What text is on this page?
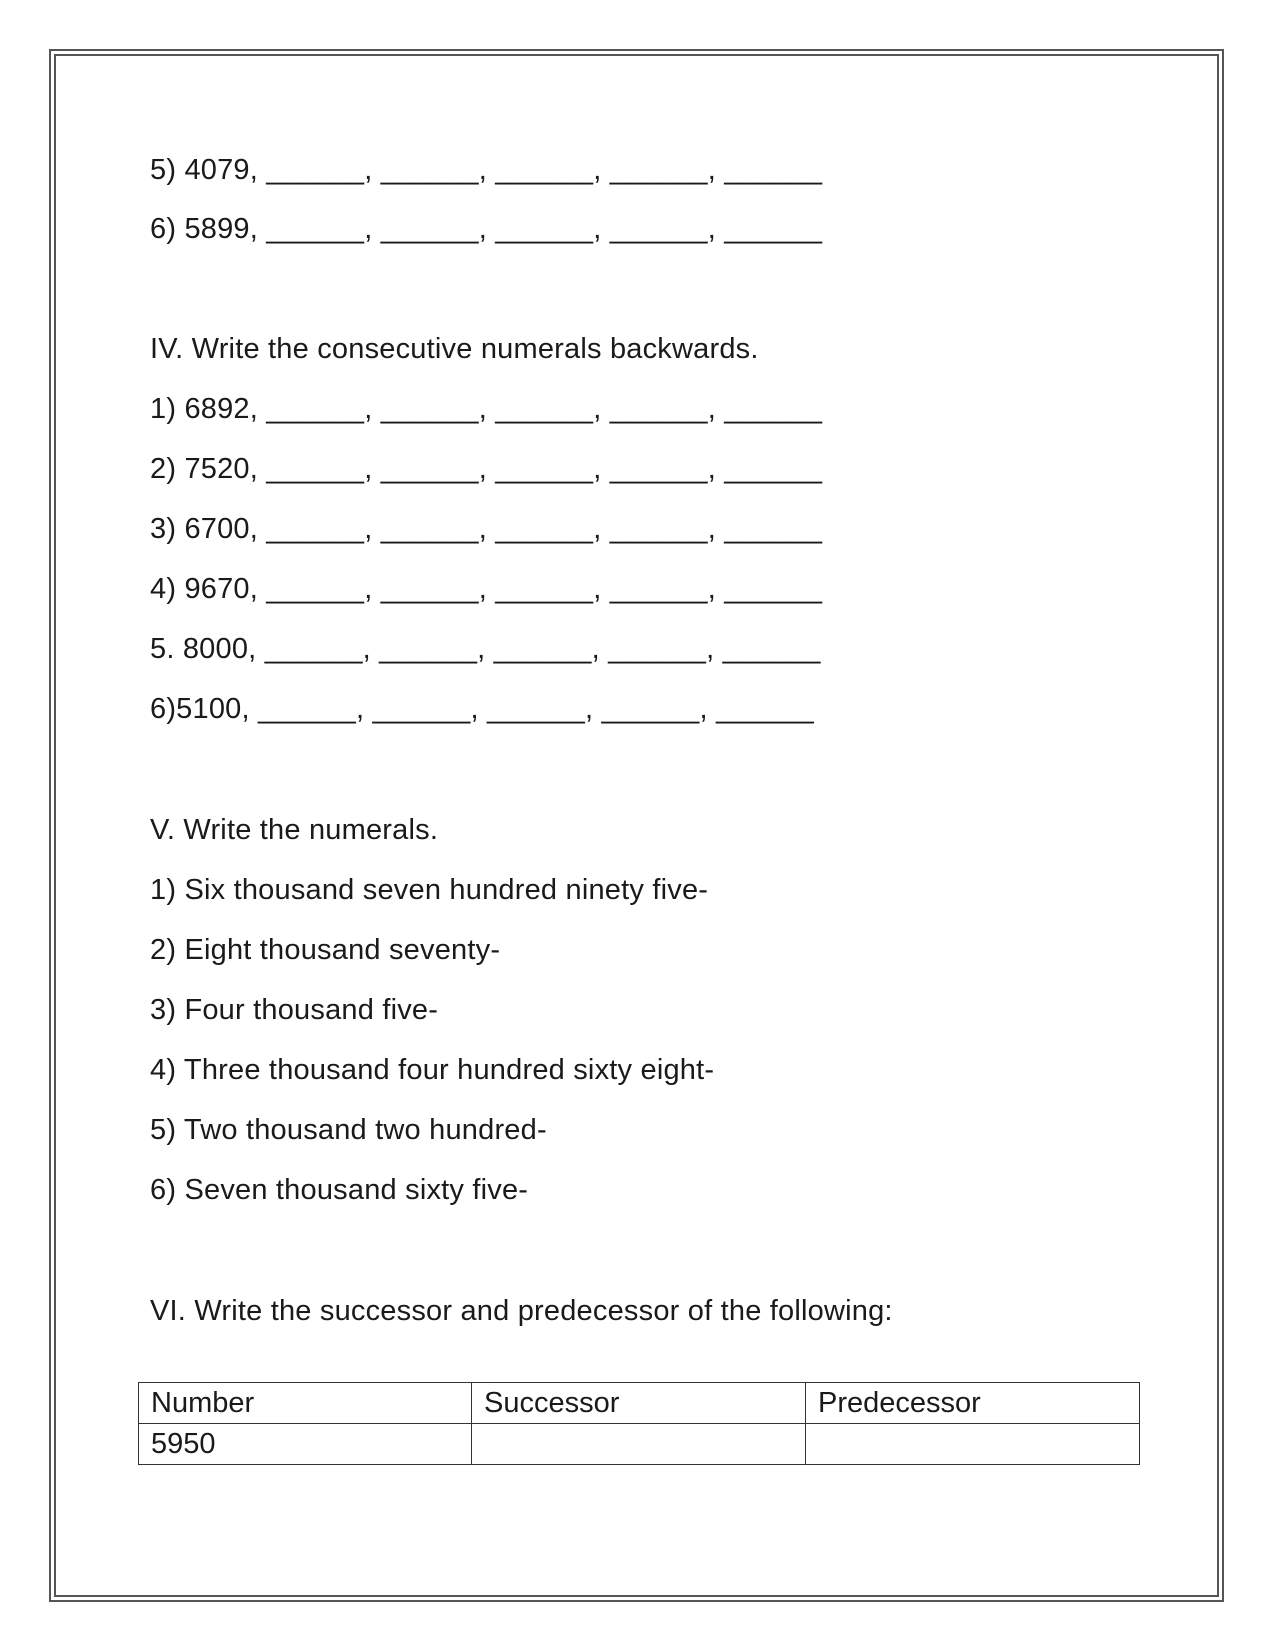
5) 4079, ______, ______, ______, ______, ______
6) 5899, ______, ______, ______, ______, ______
IV. Write the consecutive numerals backwards.
1) 6892, ______, ______, ______, ______, ______
2) 7520, ______, ______, ______, ______, ______
3) 6700, ______, ______, ______, ______, ______
4) 9670, ______, ______, ______, ______, ______
5. 8000, ______, ______, ______, ______, ______
6)5100, ______, ______, ______, ______, ______
V. Write the numerals.
1) Six thousand seven hundred ninety five-
2) Eight thousand seventy-
3) Four thousand five-
4) Three thousand four hundred sixty eight-
5) Two thousand two hundred-
6) Seven thousand sixty five-
VI. Write the successor and predecessor of the following:
Number	Successor	Predecessor
5950		
